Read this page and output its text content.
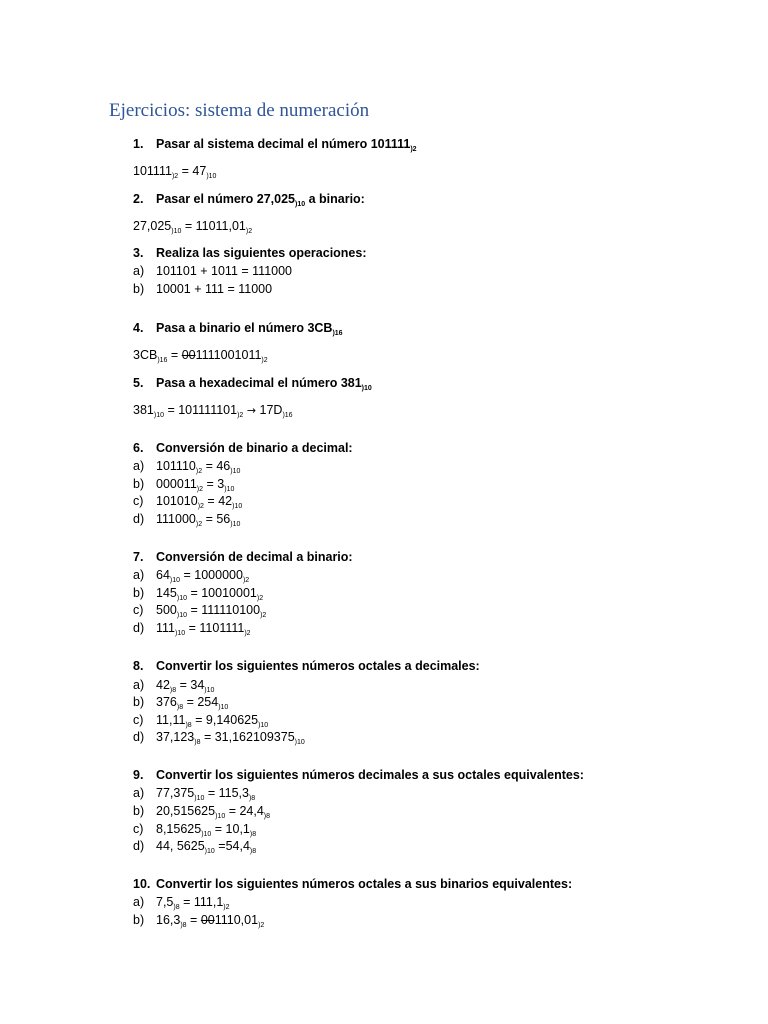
Ejercicios: sistema de numeración
1. Pasar al sistema decimal el número $101111_{)2}$
$101111_{)2} = 47_{)10}$
2. Pasar el número $27,025_{)10}$ a binario:
$27,025_{)10} = 11011,01_{)2}$
3. Realiza las siguientes operaciones:
a) 101101 + 1011 = 111000
b) 10001 + 111 = 11000
4. Pasa a binario el número $3CB_{)16}$
$3CB_{)16} = 001111001011_{)2}$
5. Pasa a hexadecimal el número $381_{)10}$
$381_{)10} = 101111101_{)2} \to 17D_{)16}$
6. Conversión de binario a decimal:
a) $101110_{)2} = 46_{)10}$
b) $000011_{)2} = 3_{)10}$
c) $101010_{)2} = 42_{)10}$
d) $111000_{)2} = 56_{)10}$
7. Conversión de decimal a binario:
a) $64_{)10} = 1000000_{)2}$
b) $145_{)10} = 10010001_{)2}$
c) $500_{)10} = 111110100_{)2}$
d) $111_{)10} = 1101111_{)2}$
8. Convertir los siguientes números octales a decimales:
a) $42_{)8} = 34_{)10}$
b) $376_{)8} = 254_{)10}$
c) $11,11_{)8} = 9,140625_{)10}$
d) $37,123_{)8} = 31,162109375_{)10}$
9. Convertir los siguientes números decimales a sus octales equivalentes:
a) $77,375_{)10} = 115,3_{)8}$
b) $20,515625_{)10} = 24,4_{)8}$
c) $8,15625_{)10} = 10,1_{)8}$
d) 44, $5625_{)10} =54,4_{)8}$
10. Convertir los siguientes números octales a sus binarios equivalentes:
a) $7,5_{)8} = 111,1_{)2}$
b) $16,3_{)8} = 001110,01_{)2}$
